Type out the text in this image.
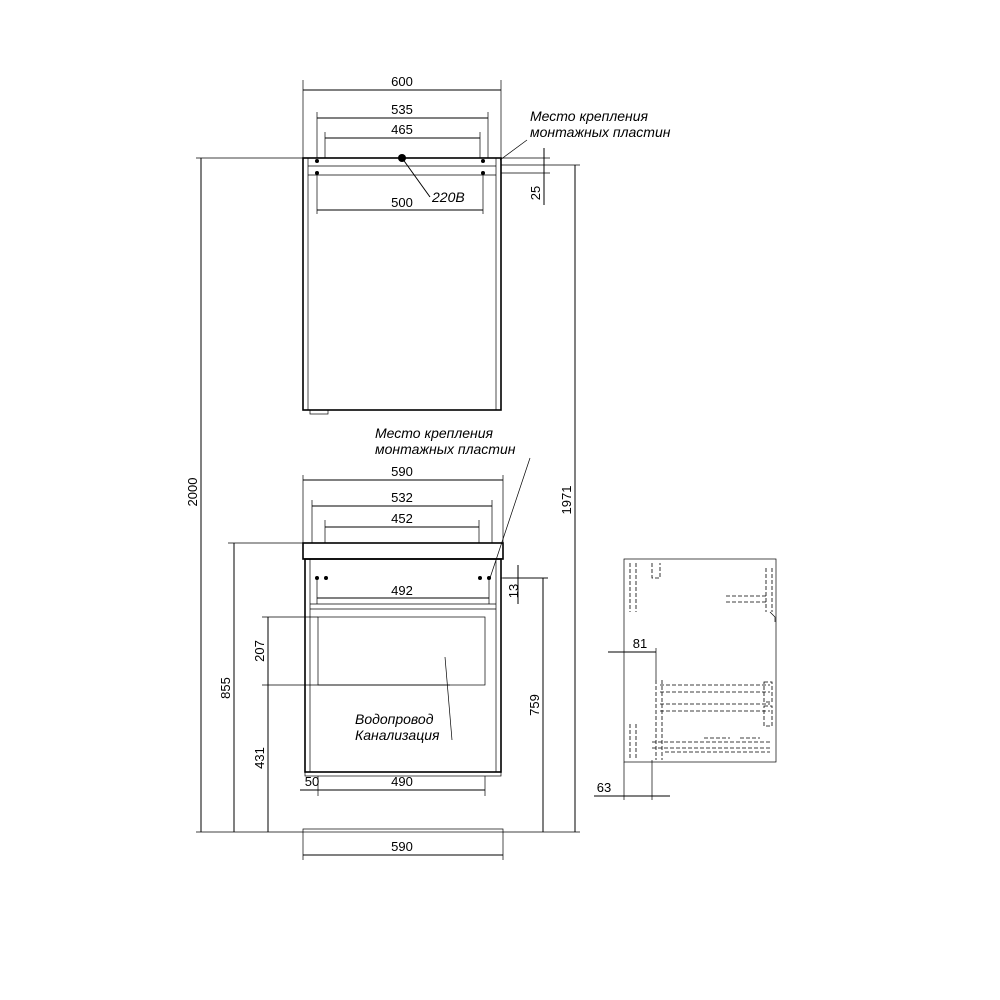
600
535
465
500 220В	25
Место крепления
монтажных пластин
590
532
452
492	13
Место крепления
монтажных пластин
Водопровод
Канализация
207
431
855
759
50	490
590
2000	1971
81
63
